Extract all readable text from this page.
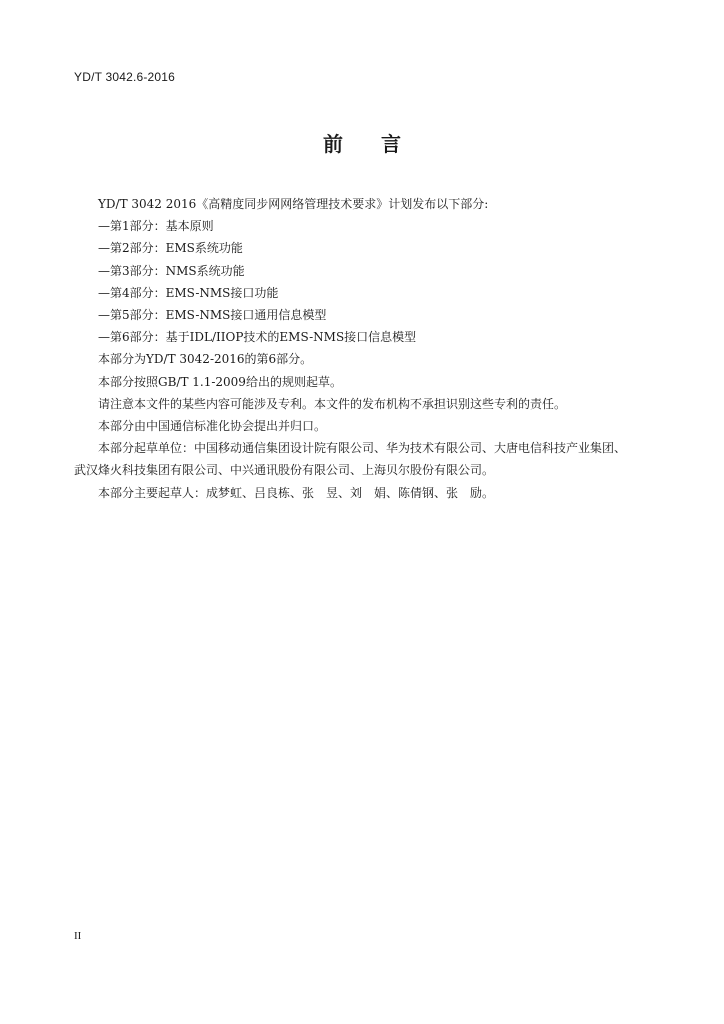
YD/T 3042.6-2016
前 言

YD/T 3042 2016《高精度同步网网络管理技术要求》计划发布以下部分:

—第1部分：基本原则

—第2部分：EMS系统功能

—第3部分：NMS系统功能

—第4部分：EMS-NMS接口功能

—第5部分：EMS-NMS接口通用信息模型

—第6部分：基于IDL/IIOP技术的EMS-NMS接口信息模型

本部分为YD/T 3042-2016的第6部分。

本部分按照GB/T 1.1-2009给出的规则起草。

请注意本文件的某些内容可能涉及专利。本文件的发布机构不承担识别这些专利的责任。

本部分由中国通信标准化协会提出并归口。

本部分起草单位：中国移动通信集团设计院有限公司、华为技术有限公司、大唐电信科技产业集团、

武汉烽火科技集团有限公司、中兴通讯股份有限公司、上海贝尔股份有限公司。

本部分主要起草人：成梦虹、吕良栋、张　昱、刘　娟、陈倩钢、张　励。

II
